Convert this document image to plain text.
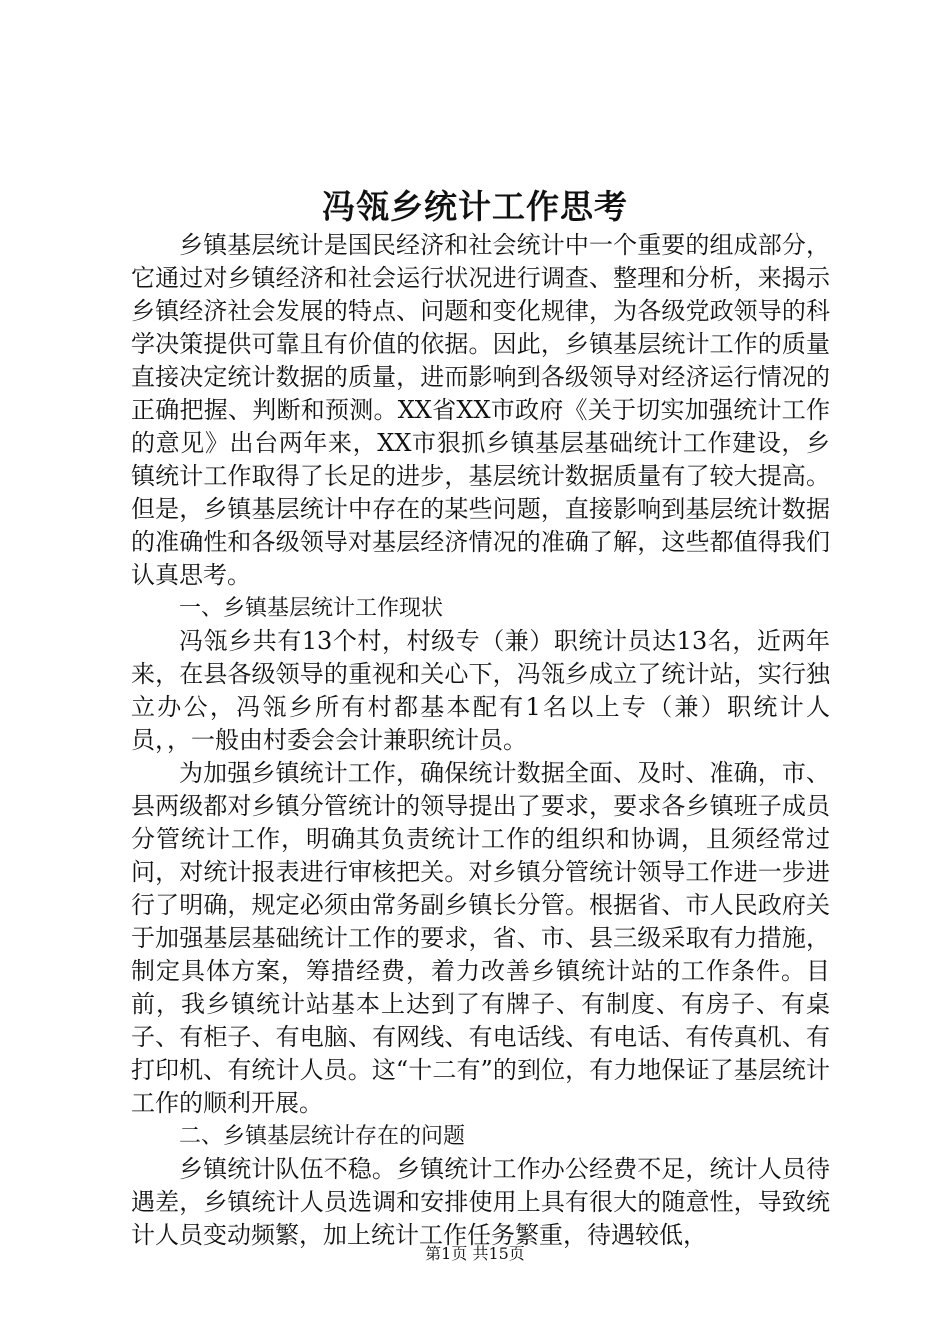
冯瓴乡统计工作思考

乡镇基层统计是国民经济和社会统计中一个重要的组成部分，它通过对乡镇经济和社会运行状况进行调查、整理和分析，来揭示乡镇经济社会发展的特点、问题和变化规律，为各级党政领导的科学决策提供可靠且有价值的依据。因此，乡镇基层统计工作的质量直接决定统计数据的质量，进而影响到各级领导对经济运行情况的正确把握、判断和预测。XX省XX市政府《关于切实加强统计工作的意见》出台两年来，XX市狠抓乡镇基层基础统计工作建设，乡镇统计工作取得了长足的进步，基层统计数据质量有了较大提高。但是，乡镇基层统计中存在的某些问题，直接影响到基层统计数据的准确性和各级领导对基层经济情况的准确了解，这些都值得我们认真思考。

一、乡镇基层统计工作现状

冯瓴乡共有13个村，村级专（兼）职统计员达13名，近两年来，在县各级领导的重视和关心下，冯瓴乡成立了统计站，实行独立办公，冯瓴乡所有村都基本配有1名以上专（兼）职统计人员，，一般由村委会会计兼职统计员。

为加强乡镇统计工作，确保统计数据全面、及时、准确，市、县两级都对乡镇分管统计的领导提出了要求，要求各乡镇班子成员分管统计工作，明确其负责统计工作的组织和协调，且须经常过问，对统计报表进行审核把关。对乡镇分管统计领导工作进一步进行了明确，规定必须由常务副乡镇长分管。根据省、市人民政府关于加强基层基础统计工作的要求，省、市、县三级采取有力措施，制定具体方案，筹措经费，着力改善乡镇统计站的工作条件。目前，我乡镇统计站基本上达到了有牌子、有制度、有房子、有桌子、有柜子、有电脑、有网线、有电话线、有电话、有传真机、有打印机、有统计人员。这“十二有”的到位，有力地保证了基层统计工作的顺利开展。

二、乡镇基层统计存在的问题

乡镇统计队伍不稳。乡镇统计工作办公经费不足，统计人员待遇差，乡镇统计人员选调和安排使用上具有很大的随意性，导致统计人员变动频繁，加上统计工作任务繁重，待遇较低，

第1页 共15页
